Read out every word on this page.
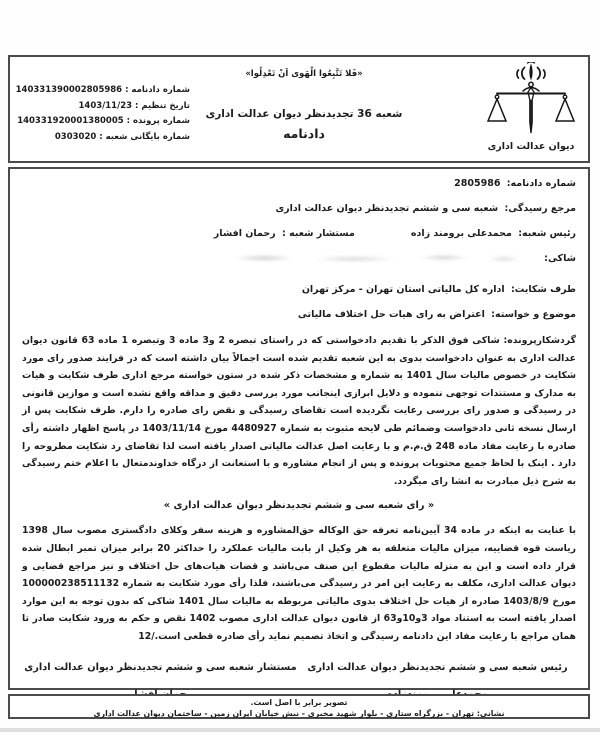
شماره دادنامه : 140331390002805986
تاریخ تنظیم : 1403/11/23
شماره پرونده : 140331920001380005
شماره بایگانی شعبه : 0303020
«فَلا تَتَّبِعُوا الْهَوی اَنْ تَعْدِلُوا»
شعبه 36 تجدیدنظر دیوان عدالت اداری
دادنامه
دیوان عدالت اداری
شماره دادنامه: 2805986
مرجع رسیدگی: شعبه سی و ششم تجدیدنظر دیوان عدالت اداری
رئیس شعبه: محمدعلی برومند زاده
مستشار شعبه : رحمان افشار
شاکی:
طرف شکایت: اداره کل مالیاتی استان تهران - مرکز تهران
موضوع و خواسته: اعتراض به رای هیات حل اختلاف مالیاتی

گردشکارپرونده: شاکی فوق الذکر با تقدیم دادخواستی که در راستای تبصره 2 و3 ماده 3 وتبصره 1 ماده 63 قانون دیوان عدالت اداری به عنوان دادخواست بدوی به این شعبه تقدیم شده است اجمالاً بیان داشته است که در فرایند صدور رای مورد شکایت در خصوص مالیات سال 1401 به شماره و مشخصات ذکر شده در ستون خواسته مرجع اداری طرف شکایت و هیات به مدارک و مستندات توجهی ننموده و دلایل ابرازی اینجانب مورد بررسی دقیق و مداقه واقع نشده است و موازین قانونی در رسیدگی و صدور رای بررسی رعایت نگردیده است تقاضای رسیدگی و نقض رای صادره را دارم. طرف شکایت پس از ارسال نسخه ثانی دادخواست وضمائم طی لایحه مثبوت به شماره 4480927 مورخ 1403/11/14 در پاسخ اظهار داشته رأی صادره با رعایت مفاد ماده 248 ق.م.م و با رعایت اصل عدالت مالیاتی اصدار یافته است لذا تقاضای رد شکایت مطروحه را دارد . اینک با لحاظ جمیع محتویات پرونده و پس از انجام مشاوره و با استعانت از درگاه خداوندمتعال با اعلام ختم رسیدگی به شرح ذیل مبادرت به انشا رای میگردد.

« رای شعبه سی و ششم تجدیدنظر دیوان عدالت اداری »

با عنایت به اینکه در ماده 34 آیین‌نامه تعرفه حق الوکاله حق‌المشاوره و هزینه سفر وکلای دادگستری مصوب سال 1398 ریاست قوه قضاییه، میزان مالیات متعلقه به هر وکیل از بابت مالیات عملکرد را حداکثر 20 برابر میزان تمبر ابطال شده قرار داده است و این به منزله مالیات مقطوع این صنف می‌باشد و قضات هیات‌های حل اختلاف و نیز مراجع قضایی و دیوان عدالت اداری، مکلف به رعایت این امر در رسیدگی می‌باشند، فلذا رأی مورد شکایت به شماره 100000238511132 مورخ 1403/8/9 صادره از هیات حل اختلاف بدوی مالیاتی مربوطه به مالیات سال 1401 شاکی که بدون توجه به این موارد اصدار یافته است به استناد مواد 3و10و63 از قانون دیوان عدالت اداری مصوب 1402 نقض و حکم به ورود شکایت صادر تا همان مراجع با رعایت مفاد این دادنامه رسیدگی و اتخاذ تصمیم نماید رأی صادره قطعی است./12

رئیس شعبه سی و ششم تجدیدنظر دیوان عدالت اداری
مستشار شعبه سی و ششم تجدیدنظر دیوان عدالت اداری
تصویر برابر با اصل است.
نشانی: تهران - بزرگراه ستاری - بلوار شهید مخبری - نبش خیابان ایران زمین - ساختمان دیوان عدالت اداری
